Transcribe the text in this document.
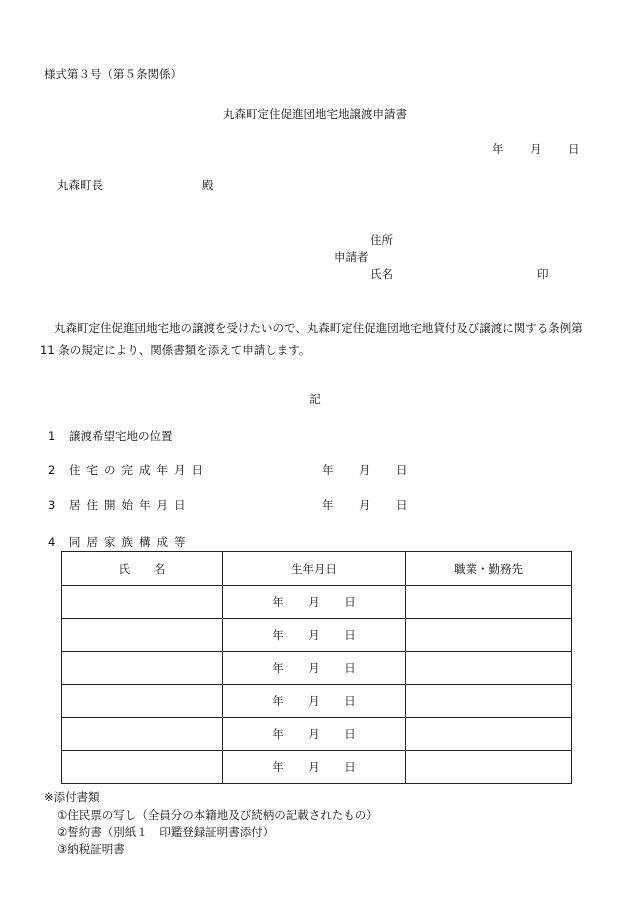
様式第３号（第５条関係）
丸森町定住促進団地宅地譲渡申請書
年 月 日
丸森町長	殿
住所
申請者
氏名	印
丸森町定住促進団地宅地の譲渡を受けたいので、丸森町定住促進団地宅地貸付及び譲渡に関する条例第 11 条の規定により、関係書類を添えて申請します。
記
1 譲渡希望宅地の位置
2 住宅の完成年月日	年 月 日
3 居住開始年月日	年 月 日
4 同居家族構成等
氏名	生年月日	職業・勤務先
	年 月 日	
	年 月 日	
	年 月 日	
	年 月 日	
	年 月 日	
	年 月 日	
※添付書類
①住民票の写し（全員分の本籍地及び続柄の記載されたもの）
②誓約書（別紙１　印鑑登録証明書添付）
③納税証明書
